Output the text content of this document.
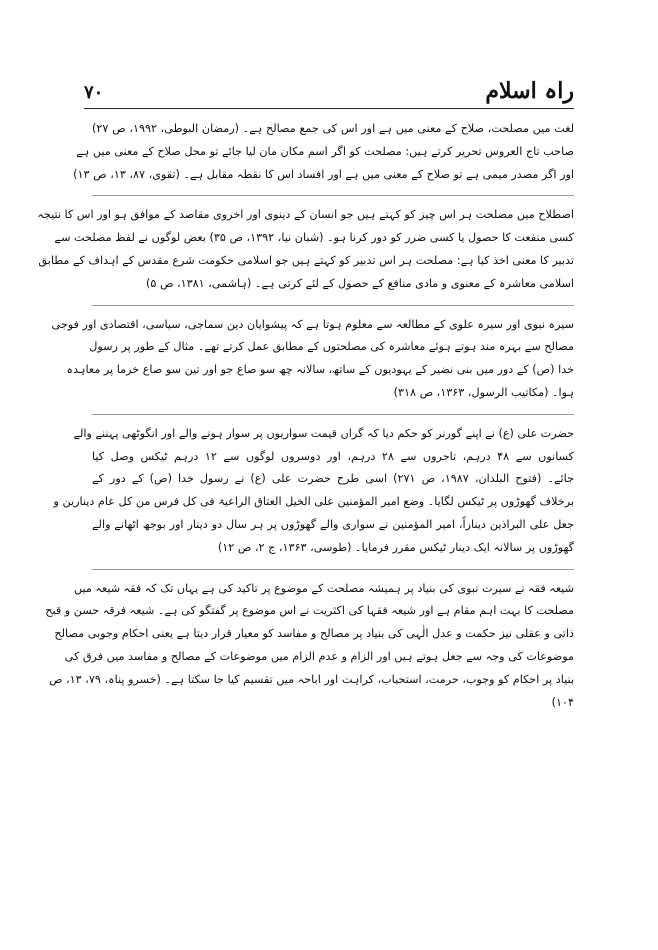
راہ اسلام
۷۰
لغت میں مصلحت، صلاح کے معنی میں ہے اور اس کی جمع مصالح ہے۔ (رمضان البوطی، ۱۹۹۲، ص ۲۷)
صاحب تاج العروس تحریر کرتے ہیں: مصلحت کو اگر اسم مکان مان لیا جائے تو محل صلاح کے معنی میں ہے
اور اگر مصدر میمی ہے تو صلاح کے معنی میں ہے اور افساد اس کا نقطہ مقابل ہے۔ (تقوی، ۸۷، ۱۳، ص ۱۳)
اصطلاح میں مصلحت ہر اس چیز کو کہتے ہیں جو انسان کے دینوی اور اخروی مقاصد کے موافق ہو اور اس کا نتیجہ
کسی منفعت کا حصول یا کسی ضرر کو دور کرنا ہو۔ (شبان نیا، ۱۳۹۲، ص ۳۵) بعض لوگوں نے لفظ مصلحت سے
تدبیر کا معنی اخذ کیا ہے: مصلحت ہر اس تدبیر کو کہتے ہیں جو اسلامی حکومت شرع مقدس کے اہداف کے مطابق
اسلامی معاشرہ کے معنوی و مادی منافع کے حصول کے لئے کرتی ہے۔ (ہاشمی، ۱۳۸۱، ص ۵)
سیرہ نبوی اور سیرہ علوی کے مطالعہ سے معلوم ہوتا ہے کہ پیشوایان دین سماجی، سیاسی، اقتصادی اور فوجی
مصالح سے بہرہ مند ہوتے ہوئے معاشرہ کی مصلحتوں کے مطابق عمل کرتے تھے۔ مثال کے طور پر رسول
خدا (ص) کے دور میں بنی نضیر کے یہودیوں کے ساتھ، سالانہ چھ سو صاع جو اور تین سو صاع خرما پر معاہدہ
ہوا۔ (مکاتیب الرسول، ۱۳۶۳، ص ۳۱۸)
حضرت علی (ع) نے اپنے گورنر کو حکم دیا کہ گراں قیمت سواریوں پر سوار ہونے والے اور انگوٹھی پہننے والے
کسانوں سے ۴۸ درہم، تاجروں سے ۲۸ درہم، اور دوسروں لوگوں سے ۱۲ درہم ٹیکس وصل کیا
جائے۔ (فتوح البلدان، ۱۹۸۷، ص ۲۷۱) اسی طرح حضرت علی (ع) نے رسول خدا (ص) کے دور کے
برخلاف گھوڑوں پر ٹیکس لگایا۔ وضع امیر المؤمنین علی الخیل العتاق الراعیۃ فی کل فرس من کل عام دینارین و
جعل علی البراذین دیناراً، امیر المؤمنین نے سواری والے گھوڑوں پر ہر سال دو دینار اور بوجھ اٹھانے والے
گھوڑوں پر سالانہ ایک دینار ٹیکس مقرر فرمایا۔ (طوسی، ۱۳۶۳، ج ۲، ص ۱۲)
شیعہ فقہ نے سیرت نبوی کی بنیاد پر ہمیشہ مصلحت کے موضوع پر تاکید کی ہے یہاں تک کہ فقہ شیعہ میں
مصلحت کا بہت اہم مقام ہے اور شیعہ فقہا کی اکثریت نے اس موضوع پر گفتگو کی ہے۔ شیعہ فرقہ حسن و قبح
ذاتی و عقلی نیز حکمت و عدل الٰہی کی بنیاد پر مصالح و مفاسد کو معیار قرار دیتا ہے یعنی احکام وجوبی مصالح
موضوعات کی وجہ سے جعل ہوتے ہیں اور الزام و عدم الزام میں موضوعات کے مصالح و مفاسد میں فرق کی
بنیاد پر احکام کو وجوب، حرمت، استحباب، کراہت اور اباحہ میں تقسیم کیا جا سکتا ہے۔ (خسرو پناہ، ۷۹، ۱۳، ص
۱۰۴)
